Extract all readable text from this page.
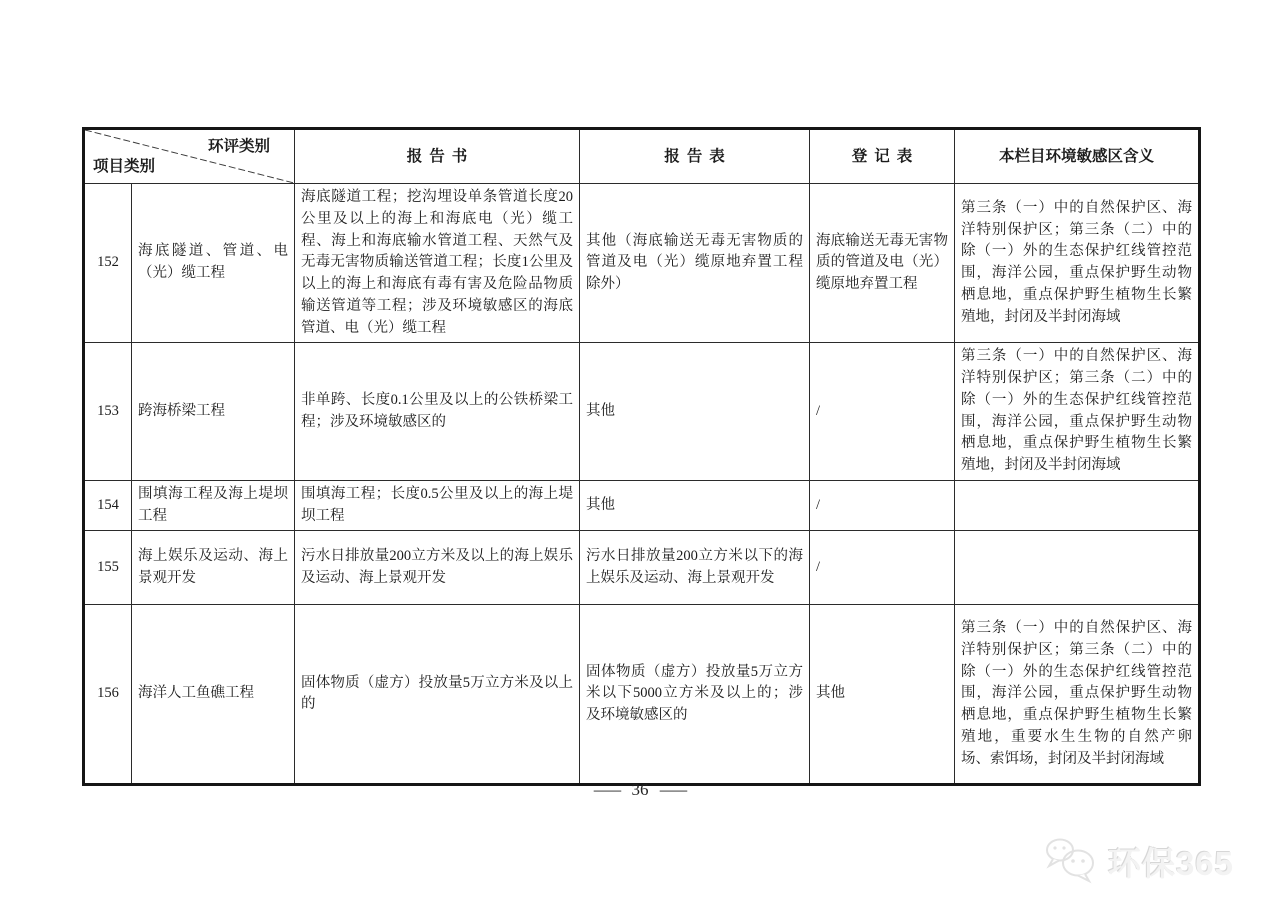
环评类别
项目类别		报告书	报告表	登记表	本栏目环境敏感区含义
152	海底隧道、管道、电（光）缆工程	海底隧道工程；挖沟埋设单条管道长度20公里及以上的海上和海底电（光）缆工程、海上和海底输水管道工程、天然气及无毒无害物质输送管道工程；长度1公里及以上的海上和海底有毒有害及危险品物质输送管道等工程；涉及环境敏感区的海底管道、电（光）缆工程	其他（海底输送无毒无害物质的管道及电（光）缆原地弃置工程除外）	海底输送无毒无害物质的管道及电（光）缆原地弃置工程	第三条（一）中的自然保护区、海洋特别保护区；第三条（二）中的除（一）外的生态保护红线管控范围，海洋公园，重点保护野生动物栖息地，重点保护野生植物生长繁殖地，封闭及半封闭海域
153	跨海桥梁工程	非单跨、长度0.1公里及以上的公铁桥梁工程；涉及环境敏感区的	其他	/	第三条（一）中的自然保护区、海洋特别保护区；第三条（二）中的除（一）外的生态保护红线管控范围，海洋公园，重点保护野生动物栖息地，重点保护野生植物生长繁殖地，封闭及半封闭海域
154	围填海工程及海上堤坝工程	围填海工程；长度0.5公里及以上的海上堤坝工程	其他	/	
155	海上娱乐及运动、海上景观开发	污水日排放量200立方米及以上的海上娱乐及运动、海上景观开发	污水日排放量200立方米以下的海上娱乐及运动、海上景观开发	/	
156	海洋人工鱼礁工程	固体物质（虚方）投放量5万立方米及以上的	固体物质（虚方）投放量5万立方米以下5000立方米及以上的；涉及环境敏感区的	其他	第三条（一）中的自然保护区、海洋特别保护区；第三条（二）中的除（一）外的生态保护红线管控范围，海洋公园，重点保护野生动物栖息地，重点保护野生植物生长繁殖地，重要水生生物的自然产卵场、索饵场，封闭及半封闭海域
— 36 —
环保365
